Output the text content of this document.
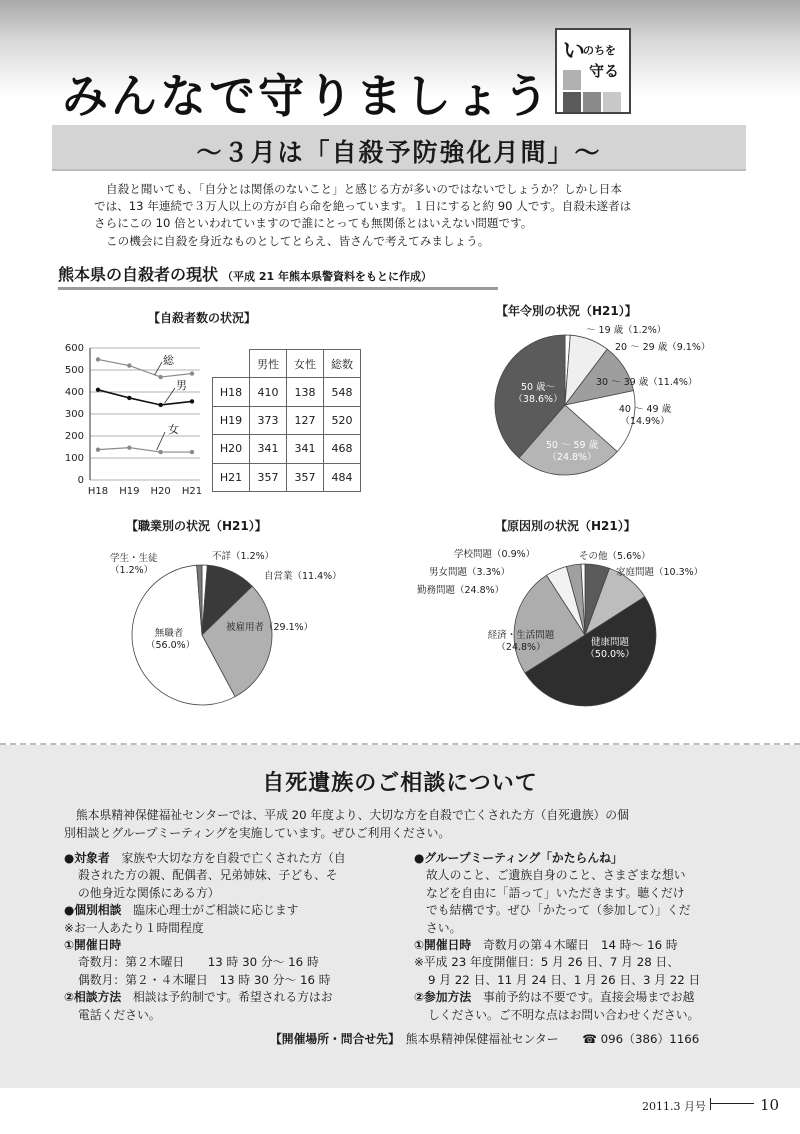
みんなで守りましょう
い
のちを
守る
～３月は「自殺予防強化月間」～

自殺と聞いても、「自分とは関係のないこと」と感じる方が多いのではないでしょうか？しかし日本

では、13 年連続で３万人以上の方が自ら命を絶っています。１日にすると約 90 人です。自殺未遂者は

さらにこの 10 倍といわれていますので誰にとっても無関係とはいえない問題です。

この機会に自殺を身近なものとしてとらえ、皆さんで考えてみましょう。

熊本県の自殺者の現状 （平成 21 年熊本県警資料をもとに作成）
【自殺者数の状況】
0
100
200
300
400
500
600
H18 H19 H20 H21
総
男
女
	男性	女性	総数
H18	410	138	548
H19	373	127	520
H20	341	341	468
H21	357	357	484
【年令別の状況（H21）】
～ 19 歳（1.2%）
20 ～ 29 歳（9.1%）
30 ～ 39 歳（11.4%）
40 ～ 49 歳（14.9%）
50 ～ 59 歳（24.8%）
50 歳～（38.6%）
【職業別の状況（H21）】
不詳（1.2%）
自営業（11.4%）
被雇用者（29.1%）
無職者（56.0%）
学生・生徒（1.2%）
【原因別の状況（H21）】
その他（5.6%）
家庭問題（10.3%）
健康問題（50.0%）
経済・生活問題（24.8%）
勤務問題（24.8%）
男女問題（3.3%）
学校問題（0.9%）
自死遺族のご相談について

熊本県精神保健福祉センターでは、平成 20 年度より、大切な方を自殺で亡くされた方（自死遺族）の個

別相談とグループミーティングを実施しています。ぜひご利用ください。

●対象者　 家族や大切な方を自殺で亡くされた方（自

殺された方の親、配偶者、兄弟姉妹、子ども、そ

の他身近な関係にある方）

●個別相談　 臨床心理士がご相談に応じます

※お一人あたり１時間程度

①開催日時

奇数月：第２木曜日　　13 時 30 分～ 16 時

偶数月：第２・４木曜日　13 時 30 分～ 16 時

②相談方法　 相談は予約制です。希望される方はお

電話ください。

●グループミーティング「かたらんね」

故人のこと、ご遺族自身のこと、さまざまな想い

などを自由に「語って」いただきます。聴くだけ

でも結構です。ぜひ「かたって（参加して）」くだ

さい。

①開催日時　 奇数月の第４木曜日　14 時～ 16 時

※平成 23 年度開催日：5 月 26 日、7 月 28 日、

9 月 22 日、11 月 24 日、1 月 26 日、3 月 22 日

②参加方法　 事前予約は不要です。直接会場までお越

しください。ご不明な点はお問い合わせください。

【開催場所・問合せ先】　 熊本県精神保健福祉センター　　 ☎ 096（386）1166
2011.3 月号	10
